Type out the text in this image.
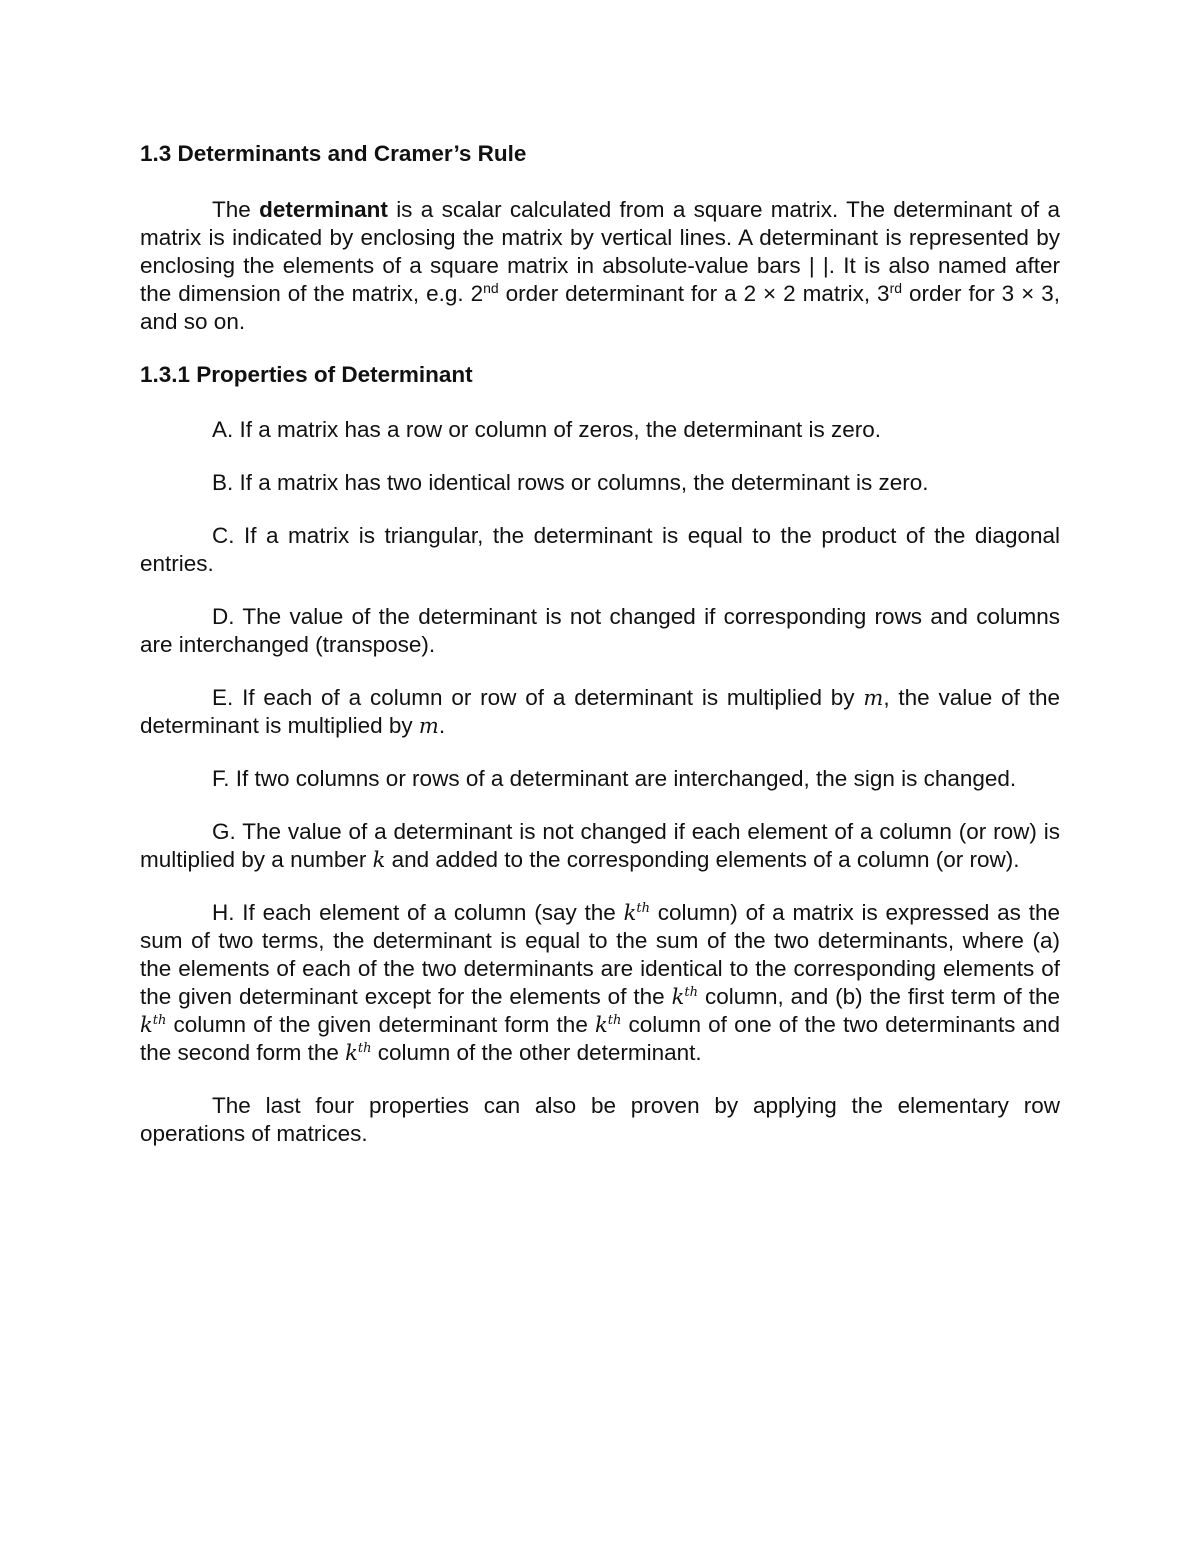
1.3 Determinants and Cramer’s Rule

The determinant is a scalar calculated from a square matrix. The determinant of a matrix is indicated by enclosing the matrix by vertical lines. A determinant is represented by enclosing the elements of a square matrix in absolute-value bars | |. It is also named after the dimension of the matrix, e.g. 2nd order determinant for a 2 × 2 matrix, 3rd order for 3 × 3, and so on.

1.3.1 Properties of Determinant

A. If a matrix has a row or column of zeros, the determinant is zero.

B. If a matrix has two identical rows or columns, the determinant is zero.

C. If a matrix is triangular, the determinant is equal to the product of the diagonal entries.

D. The value of the determinant is not changed if corresponding rows and columns are interchanged (transpose).

E. If each of a column or row of a determinant is multiplied by m, the value of the determinant is multiplied by m.

F. If two columns or rows of a determinant are interchanged, the sign is changed.

G. The value of a determinant is not changed if each element of a column (or row) is multiplied by a number k and added to the corresponding elements of a column (or row).

H. If each element of a column (say the $k^{th}$ column) of a matrix is expressed as the sum of two terms, the determinant is equal to the sum of the two determinants, where (a) the elements of each of the two determinants are identical to the corresponding elements of the given determinant except for the elements of the $k^{th}$ column, and (b) the first term of the $k^{th}$ column of the given determinant form the $k^{th}$ column of one of the two determinants and the second form the $k^{th}$ column of the other determinant.

The last four properties can also be proven by applying the elementary row operations of matrices.
